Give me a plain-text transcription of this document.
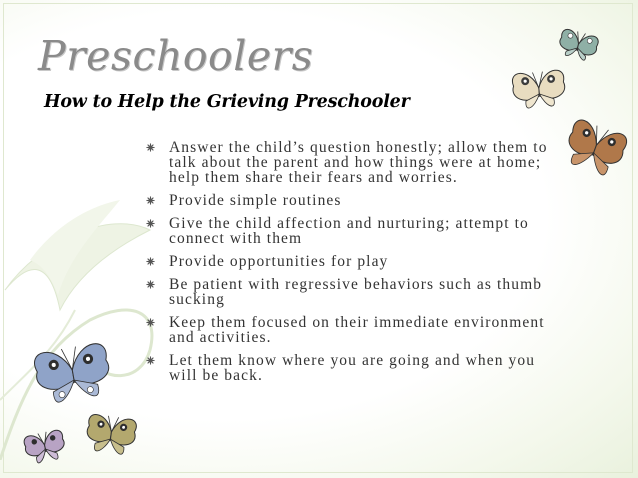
Preschoolers
How to Help the Grieving Preschooler
Answer the child’s question honestly; allow them to talk about the parent and how things were at home; help them share their fears and worries.
Provide simple routines
Give the child affection and nurturing; attempt to connect with them
Provide opportunities for play
Be patient with regressive behaviors such as thumb sucking
Keep them focused on their immediate environment and activities.
Let them know where you are going and when you will be back.
